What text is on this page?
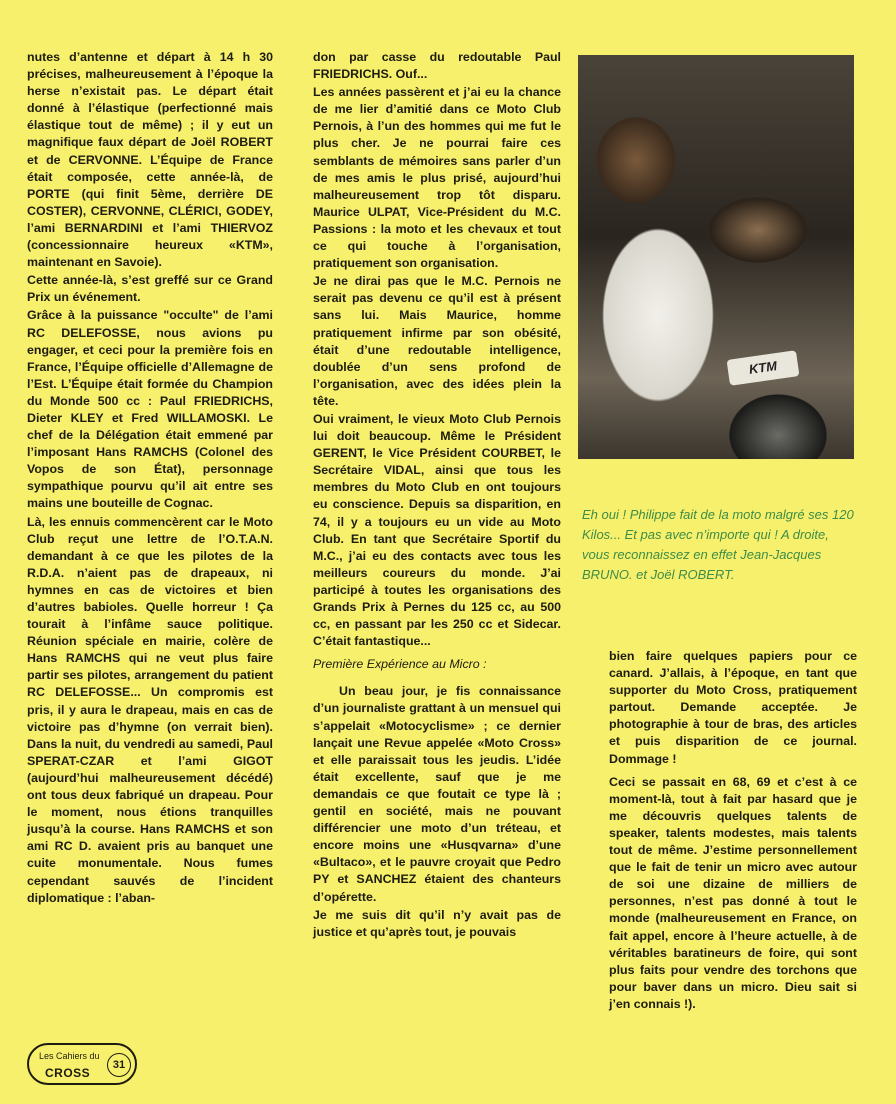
nutes d’antenne et départ à 14 h 30 précises, malheureusement à l’époque la herse n’existait pas. Le départ était donné à l’élastique (perfectionné mais élastique tout de même) ; il y eut un magnifique faux départ de Joël ROBERT et de CERVONNE. L’Équipe de France était composée, cette année-là, de PORTE (qui finit 5ème, derrière DE COSTER), CERVONNE, CLÉRICI, GODEY, l’ami BERNARDINI et l’ami THIERVOZ (concessionnaire heureux «KTM», maintenant en Savoie).

Cette année-là, s’est greffé sur ce Grand Prix un événement.

Grâce à la puissance "occulte" de l’ami RC DELEFOSSE, nous avions pu engager, et ceci pour la première fois en France, l’Équipe officielle d’Allemagne de l’Est. L’Équipe était formée du Champion du Monde 500 cc : Paul FRIEDRICHS, Dieter KLEY et Fred WILLAMOSKI. Le chef de la Délégation était emmené par l’imposant Hans RAMCHS (Colonel des Vopos de son État), personnage sympathique pourvu qu’il ait entre ses mains une bouteille de Cognac.

Là, les ennuis commencèrent car le Moto Club reçut une lettre de l’O.T.A.N. demandant à ce que les pilotes de la R.D.A. n’aient pas de drapeaux, ni hymnes en cas de victoires et bien d’autres babioles. Quelle horreur ! Ça tourait à l’infâme sauce politique. Réunion spéciale en mairie, colère de Hans RAMCHS qui ne veut plus faire partir ses pilotes, arrangement du patient RC DELEFOSSE... Un compromis est pris, il y aura le drapeau, mais en cas de victoire pas d’hymne (on verrait bien). Dans la nuit, du vendredi au samedi, Paul SPERAT-CZAR et l’ami GIGOT (aujourd’hui malheureusement décédé) ont tous deux fabriqué un drapeau. Pour le moment, nous étions tranquilles jusqu’à la course. Hans RAMCHS et son ami RC D. avaient pris au banquet une cuite monumentale. Nous fumes cependant sauvés de l’incident diplomatique : l’aban-

don par casse du redoutable Paul FRIEDRICHS. Ouf...

Les années passèrent et j’ai eu la chance de me lier d’amitié dans ce Moto Club Pernois, à l’un des hommes qui me fut le plus cher. Je ne pourrai faire ces semblants de mémoires sans parler d’un de mes amis le plus prisé, aujourd’hui malheureusement trop tôt disparu. Maurice ULPAT, Vice-Président du M.C. Passions : la moto et les chevaux et tout ce qui touche à l’organisation, pratiquement son organisation.

Je ne dirai pas que le M.C. Pernois ne serait pas devenu ce qu’il est à présent sans lui. Mais Maurice, homme pratiquement infirme par son obésité, était d’une redoutable intelligence, doublée d’un sens profond de l’organisation, avec des idées plein la tête.

Oui vraiment, le vieux Moto Club Pernois lui doit beaucoup. Même le Président GERENT, le Vice Président COURBET, le Secrétaire VIDAL, ainsi que tous les membres du Moto Club en ont toujours eu conscience. Depuis sa disparition, en 74, il y a toujours eu un vide au Moto Club. En tant que Secrétaire Sportif du M.C., j’ai eu des contacts avec tous les meilleurs coureurs du monde. J’ai participé à toutes les organisations des Grands Prix à Pernes du 125 cc, au 500 cc, en passant par les 250 cc et Sidecar. C’était fantastique...

Première Expérience au Micro :

Un beau jour, je fis connaissance d’un journaliste grattant à un mensuel qui s’appelait «Motocyclisme» ; ce dernier lançait une Revue appelée «Moto Cross» et elle paraissait tous les jeudis. L’idée était excellente, sauf que je me demandais ce que foutait ce type là ; gentil en société, mais ne pouvant différencier une moto d’un tréteau, et encore moins une «Husqvarna» d’une «Bultaco», et le pauvre croyait que Pedro PY et SANCHEZ étaient des chanteurs d’opérette.

Je me suis dit qu’il n’y avait pas de justice et qu’après tout, je pouvais

KTM
Eh oui ! Philippe fait de la moto malgré ses 120 Kilos... Et pas avec n’importe qui ! A droite, vous reconnaissez en effet Jean-Jacques BRUNO. et Joël ROBERT.

bien faire quelques papiers pour ce canard. J’allais, à l’époque, en tant que supporter du Moto Cross, pratiquement partout. Demande acceptée. Je photographie à tour de bras, des articles et puis disparition de ce journal. Dommage !

Ceci se passait en 68, 69 et c’est à ce moment-là, tout à fait par hasard que je me découvris quelques talents de speaker, talents modestes, mais talents tout de même. J’estime personnellement que le fait de tenir un micro avec autour de soi une dizaine de milliers de personnes, n’est pas donné à tout le monde (malheureusement en France, on fait appel, encore à l’heure actuelle, à de véritables baratineurs de foire, qui sont plus faits pour vendre des torchons que pour baver dans un micro. Dieu sait si j’en connais !).

Les Cahiers du
CROSS
31
